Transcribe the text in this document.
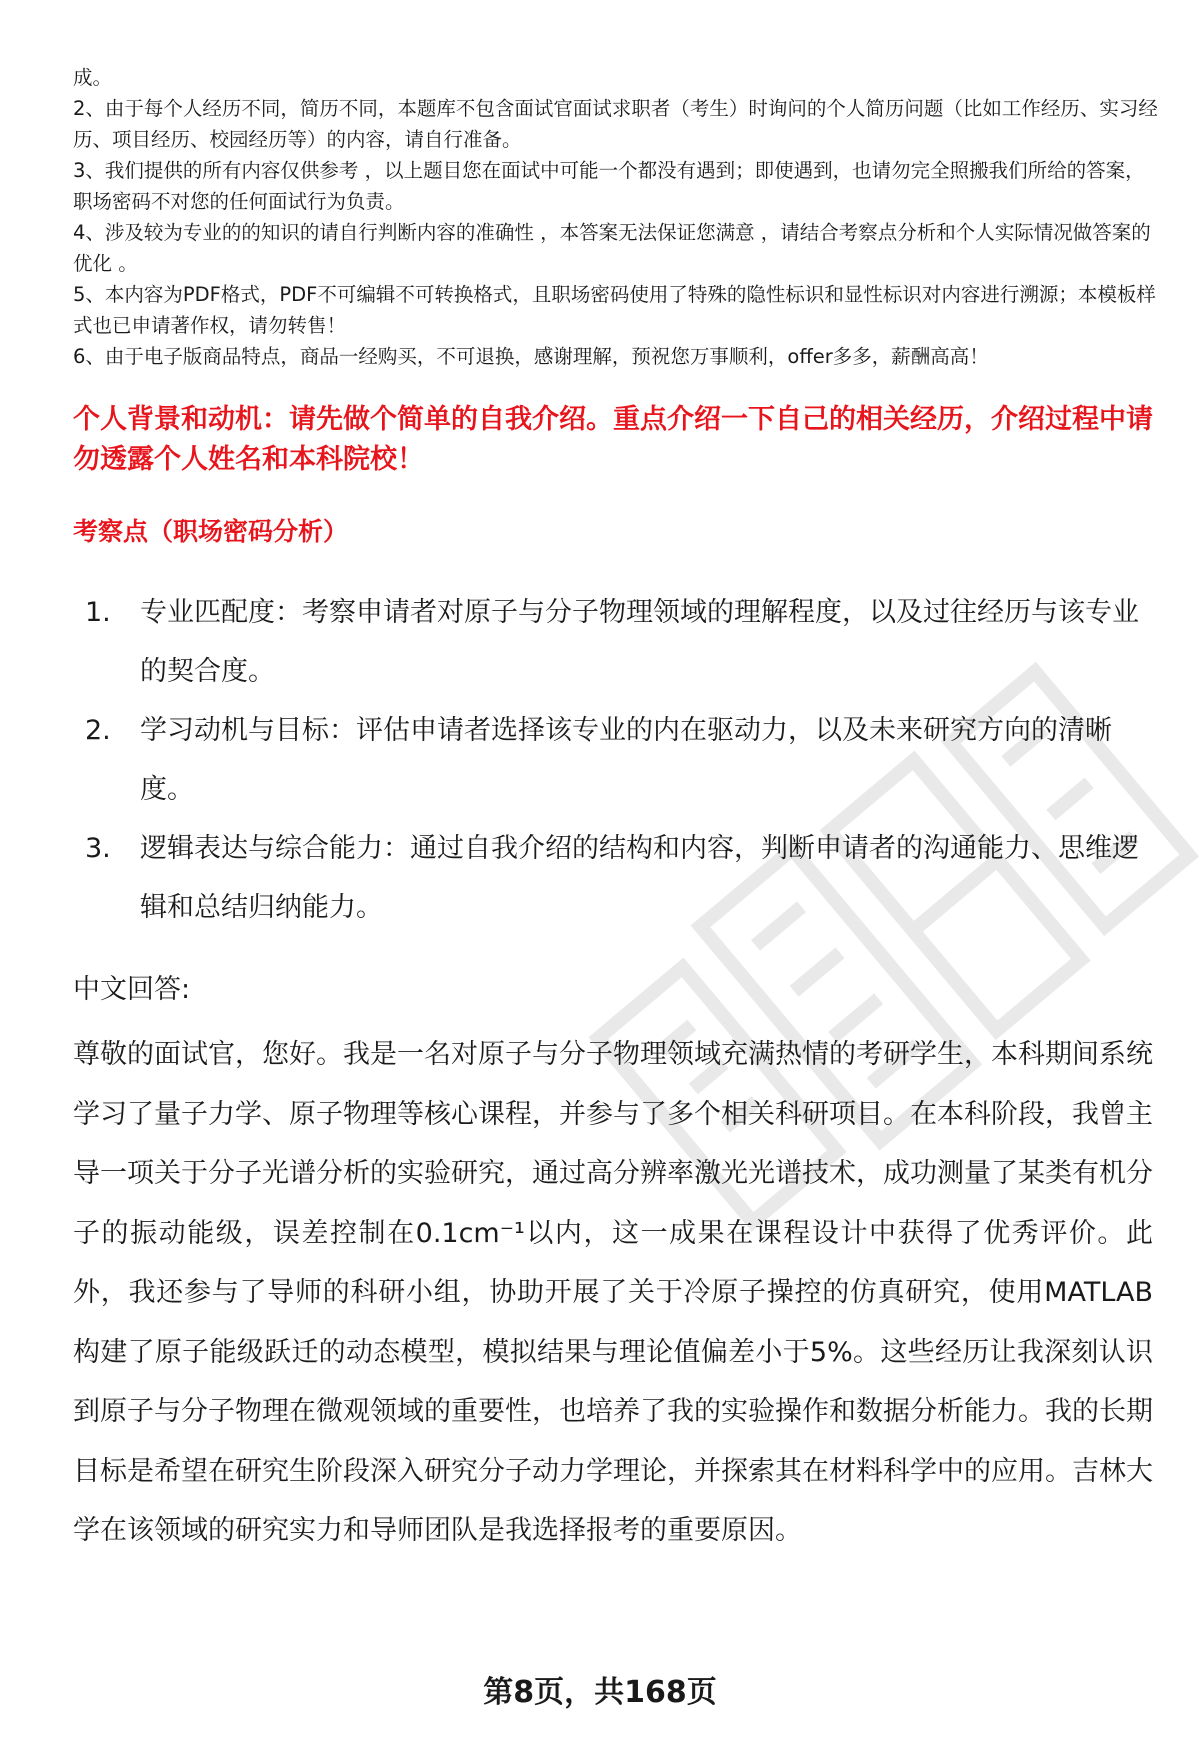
成。

2、由于每个人经历不同，简历不同，本题库不包含面试官面试求职者（考生）时询问的个人简历问题（比如工作经历、实习经历、项目经历、校园经历等）的内容，请自行准备。

3、我们提供的所有内容仅供参考 ，以上题目您在面试中可能一个都没有遇到；即使遇到，也请勿完全照搬我们所给的答案，职场密码不对您的任何面试行为负责。

4、涉及较为专业的的知识的请自行判断内容的准确性 ，本答案无法保证您满意 ，请结合考察点分析和个人实际情况做答案的优化 。

5、本内容为PDF格式，PDF不可编辑不可转换格式，且职场密码使用了特殊的隐性标识和显性标识对内容进行溯源；本模板样式也已申请著作权，请勿转售！

6、由于电子版商品特点，商品一经购买，不可退换，感谢理解，预祝您万事顺利，offer多多，薪酬高高！

个人背景和动机：请先做个简单的自我介绍。重点介绍一下自己的相关经历，介绍过程中请勿透露个人姓名和本科院校！
考察点（职场密码分析）
1.	专业匹配度：考察申请者对原子与分子物理领域的理解程度，以及过往经历与该专业的契合度。
2.	学习动机与目标：评估申请者选择该专业的内在驱动力，以及未来研究方向的清晰度。
3.	逻辑表达与综合能力：通过自我介绍的结构和内容，判断申请者的沟通能力、思维逻辑和总结归纳能力。
中文回答:

尊敬的面试官，您好。我是一名对原子与分子物理领域充满热情的考研学生，本科期间系统学习了量子力学、原子物理等核心课程，并参与了多个相关科研项目。在本科阶段，我曾主导一项关于分子光谱分析的实验研究，通过高分辨率激光光谱技术，成功测量了某类有机分子的振动能级，误差控制在0.1cm⁻¹以内，这一成果在课程设计中获得了优秀评价。此外，我还参与了导师的科研小组，协助开展了关于冷原子操控的仿真研究，使用MATLAB构建了原子能级跃迁的动态模型，模拟结果与理论值偏差小于5%。这些经历让我深刻认识到原子与分子物理在微观领域的重要性，也培养了我的实验操作和数据分析能力。我的长期目标是希望在研究生阶段深入研究分子动力学理论，并探索其在材料科学中的应用。吉林大学在该领域的研究实力和导师团队是我选择报考的重要原因。

第8页，共168页
